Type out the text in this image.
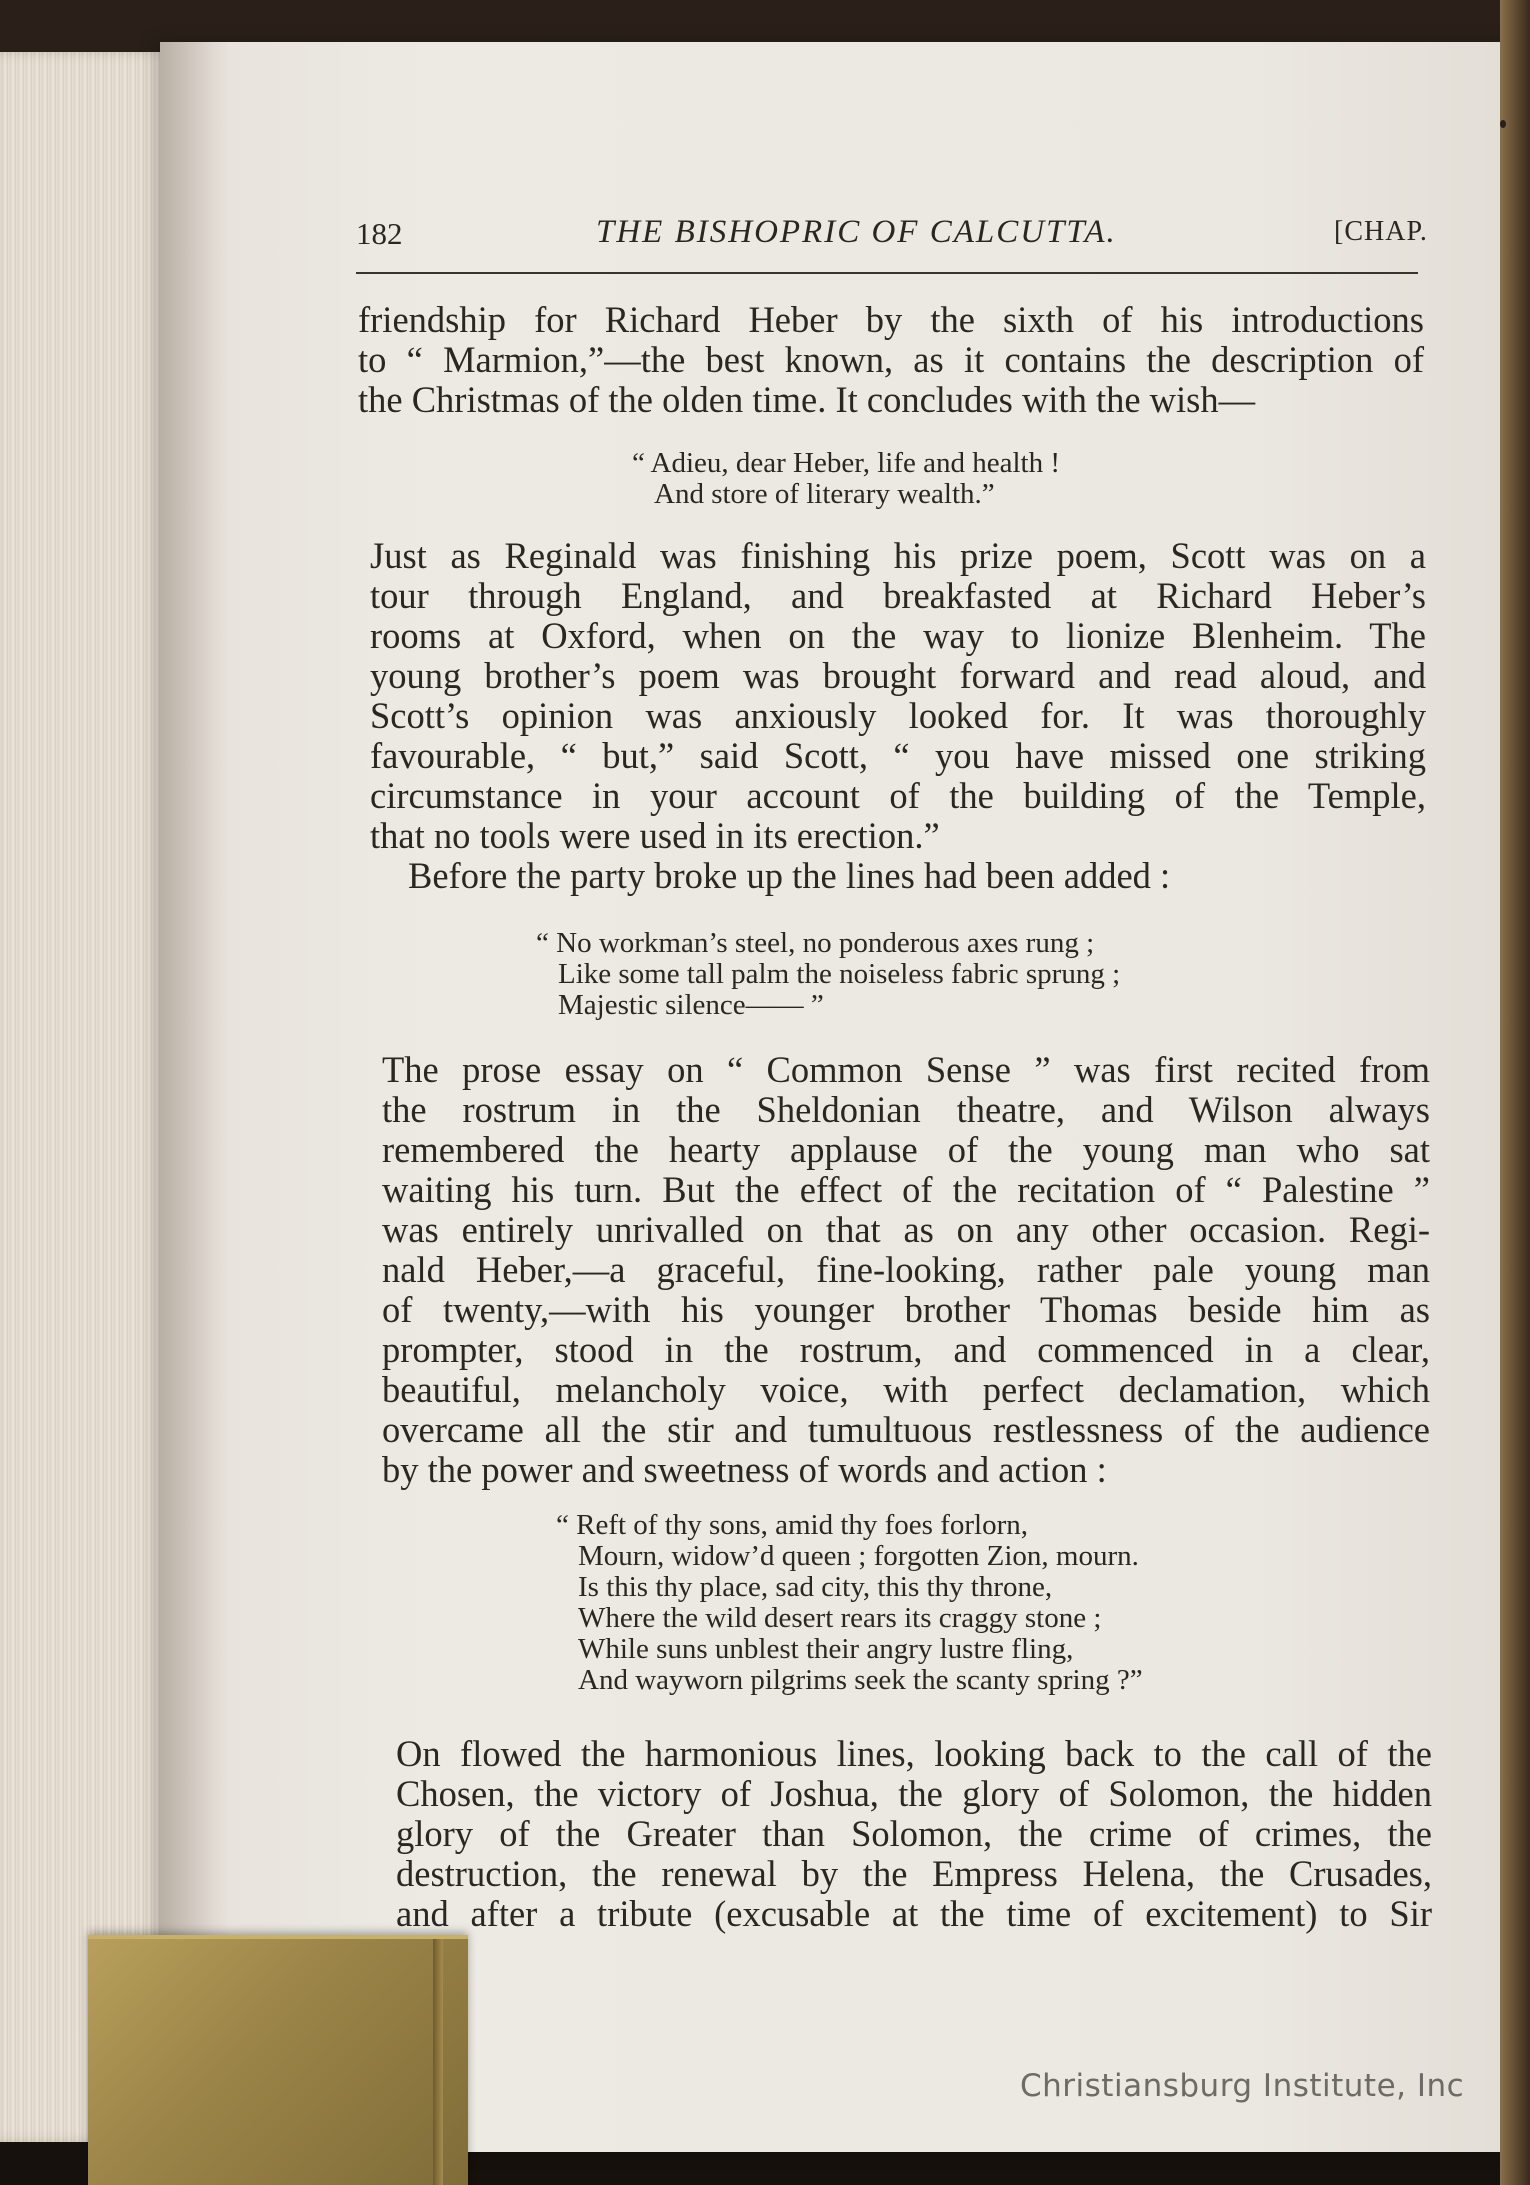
182	THE BISHOPRIC OF CALCUTTA.	[CHAP.
friendship for Richard Heber by the sixth of his introductions
to “ Marmion,”—the best known, as it contains the description of
the Christmas of the olden time. It concludes with the wish—
“ Adieu, dear Heber, life and health !
And store of literary wealth.”
Just as Reginald was finishing his prize poem, Scott was on a
tour through England, and breakfasted at Richard Heber’s
rooms at Oxford, when on the way to lionize Blenheim. The
young brother’s poem was brought forward and read aloud, and
Scott’s opinion was anxiously looked for. It was thoroughly
favourable, “ but,” said Scott, “ you have missed one striking
circumstance in your account of the building of the Temple,
that no tools were used in its erection.”
Before the party broke up the lines had been added :
“ No workman’s steel, no ponderous axes rung ;
Like some tall palm the noiseless fabric sprung ;
Majestic silence—— ”
The prose essay on “ Common Sense ” was first recited from
the rostrum in the Sheldonian theatre, and Wilson always
remembered the hearty applause of the young man who sat
waiting his turn. But the effect of the recitation of “ Palestine ”
was entirely unrivalled on that as on any other occasion. Regi-
nald Heber,—a graceful, fine-looking, rather pale young man
of twenty,—with his younger brother Thomas beside him as
prompter, stood in the rostrum, and commenced in a clear,
beautiful, melancholy voice, with perfect declamation, which
overcame all the stir and tumultuous restlessness of the audience
by the power and sweetness of words and action :
“ Reft of thy sons, amid thy foes forlorn,
Mourn, widow’d queen ; forgotten Zion, mourn.
Is this thy place, sad city, this thy throne,
Where the wild desert rears its craggy stone ;
While suns unblest their angry lustre fling,
And wayworn pilgrims seek the scanty spring ?”
On flowed the harmonious lines, looking back to the call of the
Chosen, the victory of Joshua, the glory of Solomon, the hidden
glory of the Greater than Solomon, the crime of crimes, the
destruction, the renewal by the Empress Helena, the Crusades,
and after a tribute (excusable at the time of excitement) to Sir
Christiansburg Institute, Inc
